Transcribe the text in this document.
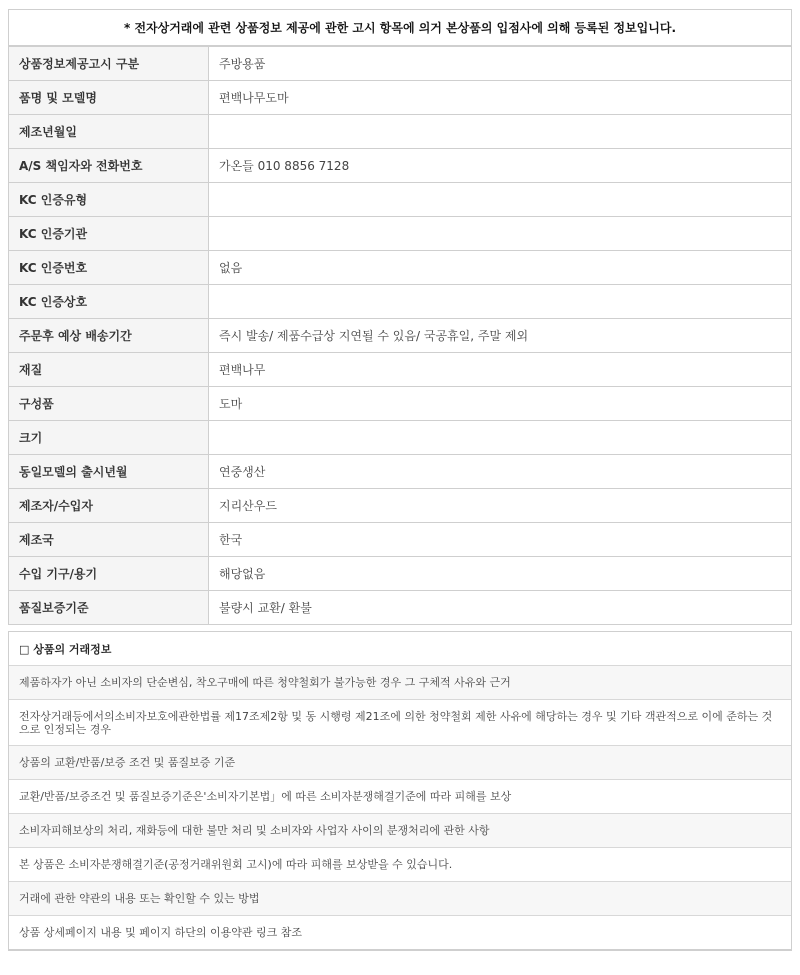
* 전자상거래에 관련 상품정보 제공에 관한 고시 항목에 의거 본상품의 입점사에 의해 등록된 정보입니다.
상품정보제공고시 구분	주방용품
품명 및 모델명	편백나무도마
제조년월일	
A/S 책임자와 전화번호	가온들 010 8856 7128
KC 인증유형	
KC 인증기관	
KC 인증번호	없음
KC 인증상호	
주문후 예상 배송기간	즉시 발송/ 제품수급상 지연될 수 있음/ 국공휴일, 주말 제외
재질	편백나무
구성품	도마
크기	
동일모델의 출시년월	연중생산
제조자/수입자	지리산우드
제조국	한국
수입 기구/용기	해당없음
품질보증기준	불량시 교환/ 환불
□ 상품의 거래정보
제품하자가 아닌 소비자의 단순변심, 착오구매에 따른 청약철회가 불가능한 경우 그 구체적 사유와 근거
전자상거래등에서의소비자보호에관한법률 제17조제2항 및 동 시행령 제21조에 의한 청약철회 제한 사유에 해당하는 경우 및 기타 객관적으로 이에 준하는 것으로 인정되는 경우
상품의 교환/반품/보증 조건 및 품질보증 기준
교환/반품/보증조건 및 품질보증기준은'소비자기본법」에 따른 소비자분쟁해결기준에 따라 피해를 보상
소비자피해보상의 처리, 재화등에 대한 불만 처리 및 소비자와 사업자 사이의 분쟁처리에 관한 사항
본 상품은 소비자분쟁해결기준(공정거래위원회 고시)에 따라 피해를 보상받을 수 있습니다.
거래에 관한 약관의 내용 또는 확인할 수 있는 방법
상품 상세페이지 내용 및 페이지 하단의 이용약관 링크 참조
